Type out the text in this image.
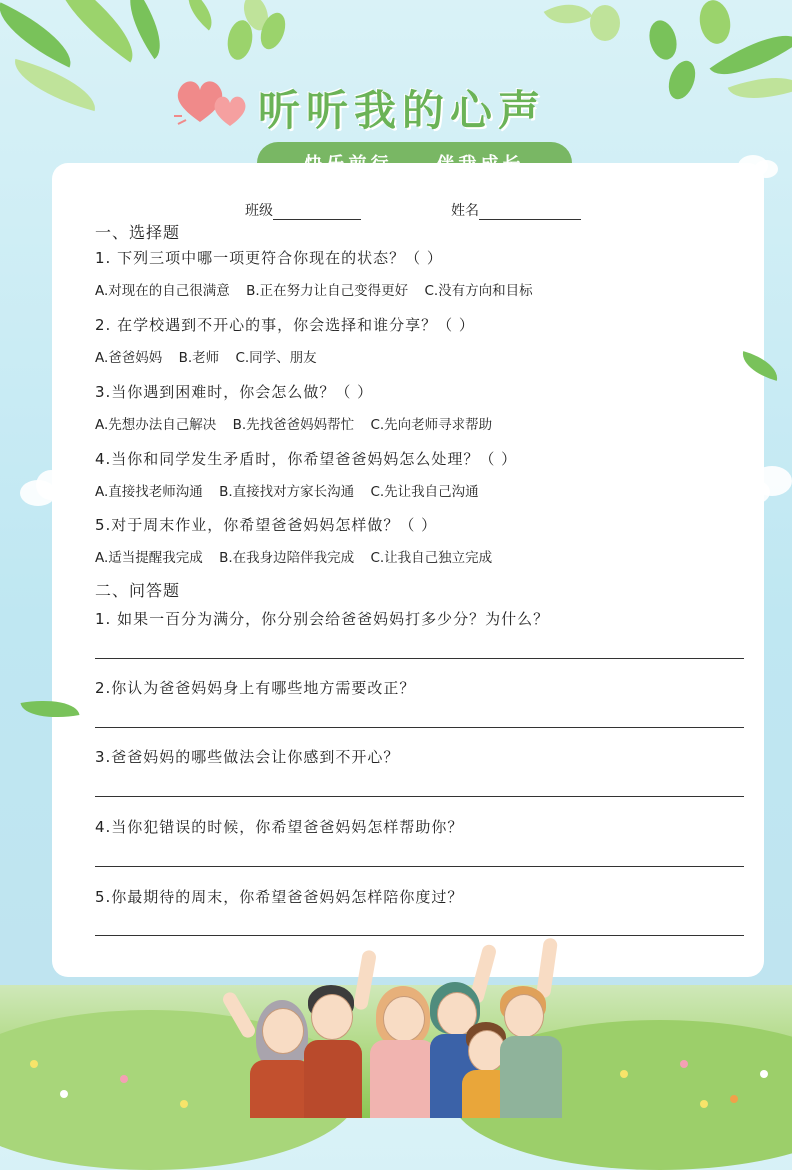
听听我的心声
班级	姓名
一、选择题
1. 下列三项中哪一项更符合你现在的状态？（ ）
A.对现在的自己很满意 B.正在努力让自己变得更好 C.没有方向和目标
2. 在学校遇到不开心的事，你会选择和谁分享？（ ）
A.爸爸妈妈 B.老师 C.同学、朋友
3.当你遇到困难时，你会怎么做？（ ）
A.先想办法自己解决 B.先找爸爸妈妈帮忙 C.先向老师寻求帮助
4.当你和同学发生矛盾时，你希望爸爸妈妈怎么处理？（ ）
A.直接找老师沟通 B.直接找对方家长沟通 C.先让我自己沟通
5.对于周末作业，你希望爸爸妈妈怎样做？（ ）
A.适当提醒我完成 B.在我身边陪伴我完成 C.让我自己独立完成
二、问答题
1. 如果一百分为满分，你分别会给爸爸妈妈打多少分？为什么？
2.你认为爸爸妈妈身上有哪些地方需要改正？
3.爸爸妈妈的哪些做法会让你感到不开心？
4.当你犯错误的时候，你希望爸爸妈妈怎样帮助你？
5.你最期待的周末，你希望爸爸妈妈怎样陪你度过？
